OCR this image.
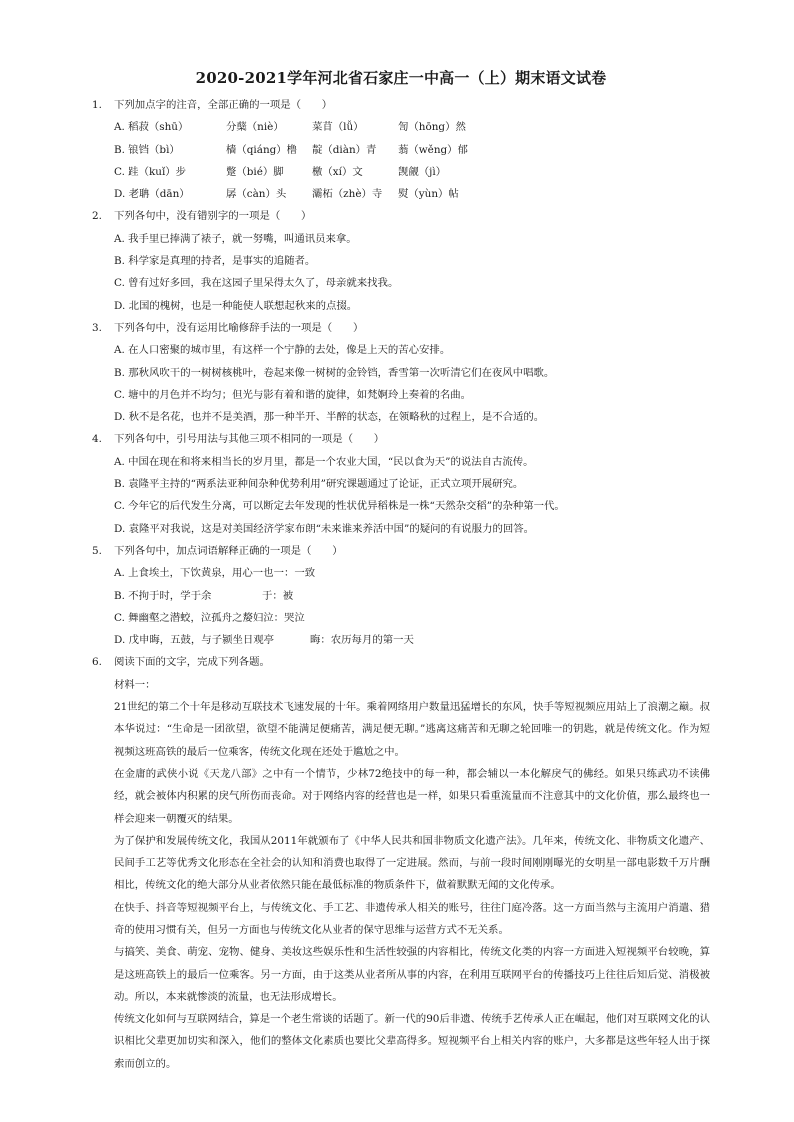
2020-2021学年河北省石家庄一中高一（上）期末语文试卷
1.	下列加点字的注音，全部正确的一项是（　　）
A. 稻菽（shū）	分蘖（niè）	菜苜（lǚ）	訇（hōng）然
B. 锒铛（bì）	樯（qiáng）橹 靛（diàn）青 蓊（wěng）郁
C. 跬（kuǐ）步	蹩（bié）脚	檄（xí）文	觊觎（jì）
D. 老聃（dān）	孱（càn）头 灞柘（zhè）寺 熨（yùn）帖
2.	下列各句中，没有错别字的一项是（　　）
A. 我手里已捧满了裱子，就一努嘴，叫通讯员来拿。
B. 科学家是真理的持者，是事实的追随者。
C. 曾有过好多回，我在这园子里呆得太久了，母亲就来找我。
D. 北国的槐树，也是一种能使人联想起秋来的点掇。
3.	下列各句中，没有运用比喻修辞手法的一项是（　　）
A. 在人口密聚的城市里，有这样一个宁静的去处，像是上天的苦心安排。
B. 那秋风吹干的一树树核桃叶，卷起来像一树树的金铃铛，香雪第一次听清它们在夜风中唱歌。
C. 塘中的月色并不均匀；但光与影有着和谐的旋律，如梵婀玲上奏着的名曲。
D. 秋不是名花，也并不是美酒，那一种半开、半醉的状态，在领略秋的过程上，是不合适的。
4.	下列各句中，引号用法与其他三项不相同的一项是（　　）
A. 中国在现在和将来相当长的岁月里，都是一个农业大国，“民以食为天”的说法自古流传。
B. 袁隆平主持的“两系法亚种间杂种优势利用”研究课题通过了论证，正式立项开展研究。
C. 今年它的后代发生分离，可以断定去年发现的性状优异稻株是一株“天然杂交稻”的杂种第一代。
D. 袁隆平对我说，这是对美国经济学家布朗“未来谁来养活中国”的疑问的有说服力的回答。
5.	下列各句中，加点词语解释正确的一项是（　　）
A. 上食埃土，下饮黄泉，用心一也一：一致
B. 不拘于时，学于余	于：被
C. 舞幽壑之潜蛟，泣孤舟之嫠妇泣：哭泣
D. 戊申晦，五鼓，与子颍坐日观亭	晦：农历每月的第一天
6.	阅读下面的文字，完成下列各题。

材料一：

21世纪的第二个十年是移动互联技术飞速发展的十年。乘着网络用户数量迅猛增长的东风，快手等短视频应用站上了浪潮之巅。叔本华说过：“生命是一团欲望，欲望不能满足便痛苦，满足便无聊。”逃离这痛苦和无聊之轮回唯一的钥匙，就是传统文化。作为短视频这班高铁的最后一位乘客，传统文化现在还处于尴尬之中。

在金庸的武侠小说《天龙八部》之中有一个情节，少林72绝技中的每一种，都会辅以一本化解戾气的佛经。如果只练武功不读佛经，就会被体内积累的戾气所伤而丧命。对于网络内容的经营也是一样，如果只看重流量而不注意其中的文化价值，那么最终也一样会迎来一朝覆灭的结果。

为了保护和发展传统文化，我国从2011年就颁布了《中华人民共和国非物质文化遗产法》。几年来，传统文化、非物质文化遗产、民间手工艺等优秀文化形态在全社会的认知和消费也取得了一定进展。然而，与前一段时间刚刚曝光的女明星一部电影数千万片酬相比，传统文化的绝大部分从业者依然只能在最低标准的物质条件下，做着默默无闻的文化传承。

在快手、抖音等短视频平台上，与传统文化、手工艺、非遗传承人相关的账号，往往门庭冷落。这一方面当然与主流用户消遣、猎奇的使用习惯有关，但另一方面也与传统文化从业者的保守思维与运营方式不无关系。

与搞笑、美食、萌宠、宠物、健身、美妆这些娱乐性和生活性较强的内容相比，传统文化类的内容一方面进入短视频平台较晚，算是这班高铁上的最后一位乘客。另一方面，由于这类从业者所从事的内容，在利用互联网平台的传播技巧上往往后知后觉、消极被动。所以，本来就惨淡的流量，也无法形成增长。

传统文化如何与互联网结合，算是一个老生常谈的话题了。新一代的90后非遗、传统手艺传承人正在崛起，他们对互联网文化的认识相比父辈更加切实和深入，他们的整体文化素质也要比父辈高得多。短视频平台上相关内容的账户，大多都是这些年轻人出于探索而创立的。
